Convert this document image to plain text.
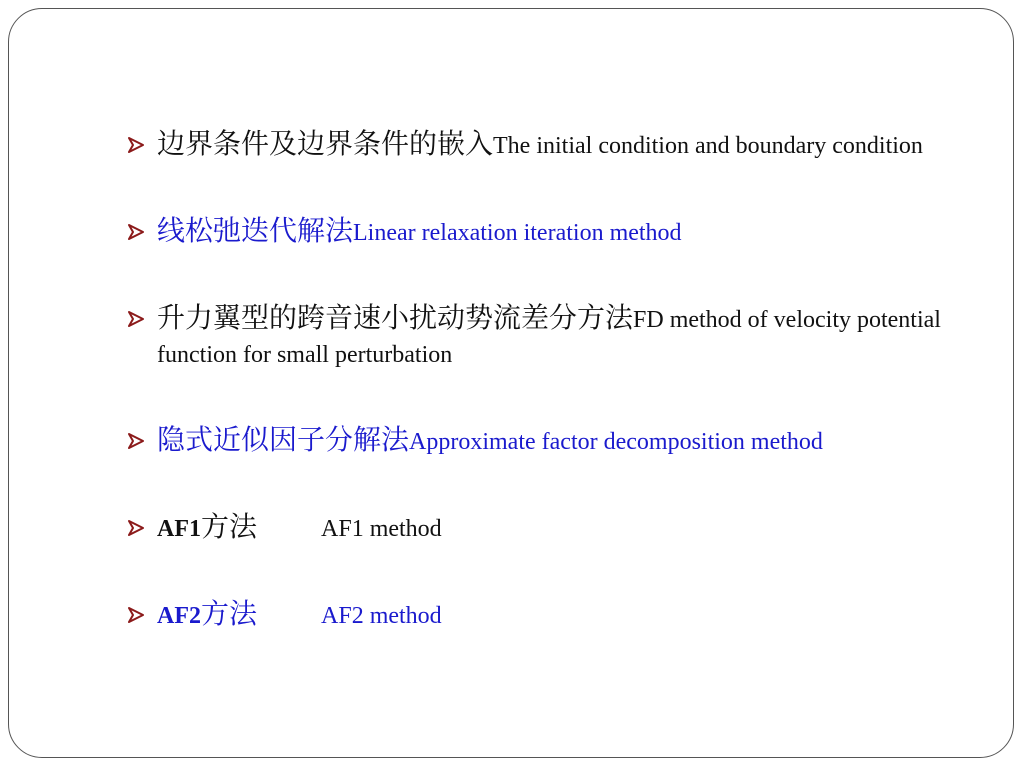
边界条件及边界条件的嵌入The initial condition and boundary condition
线松弛迭代解法Linear relaxation iteration method
升力翼型的跨音速小扰动势流差分方法FD method of velocity potential function for small perturbation
隐式近似因子分解法Approximate factor decomposition method
AF1方法	AF1 method
AF2方法	AF2 method
